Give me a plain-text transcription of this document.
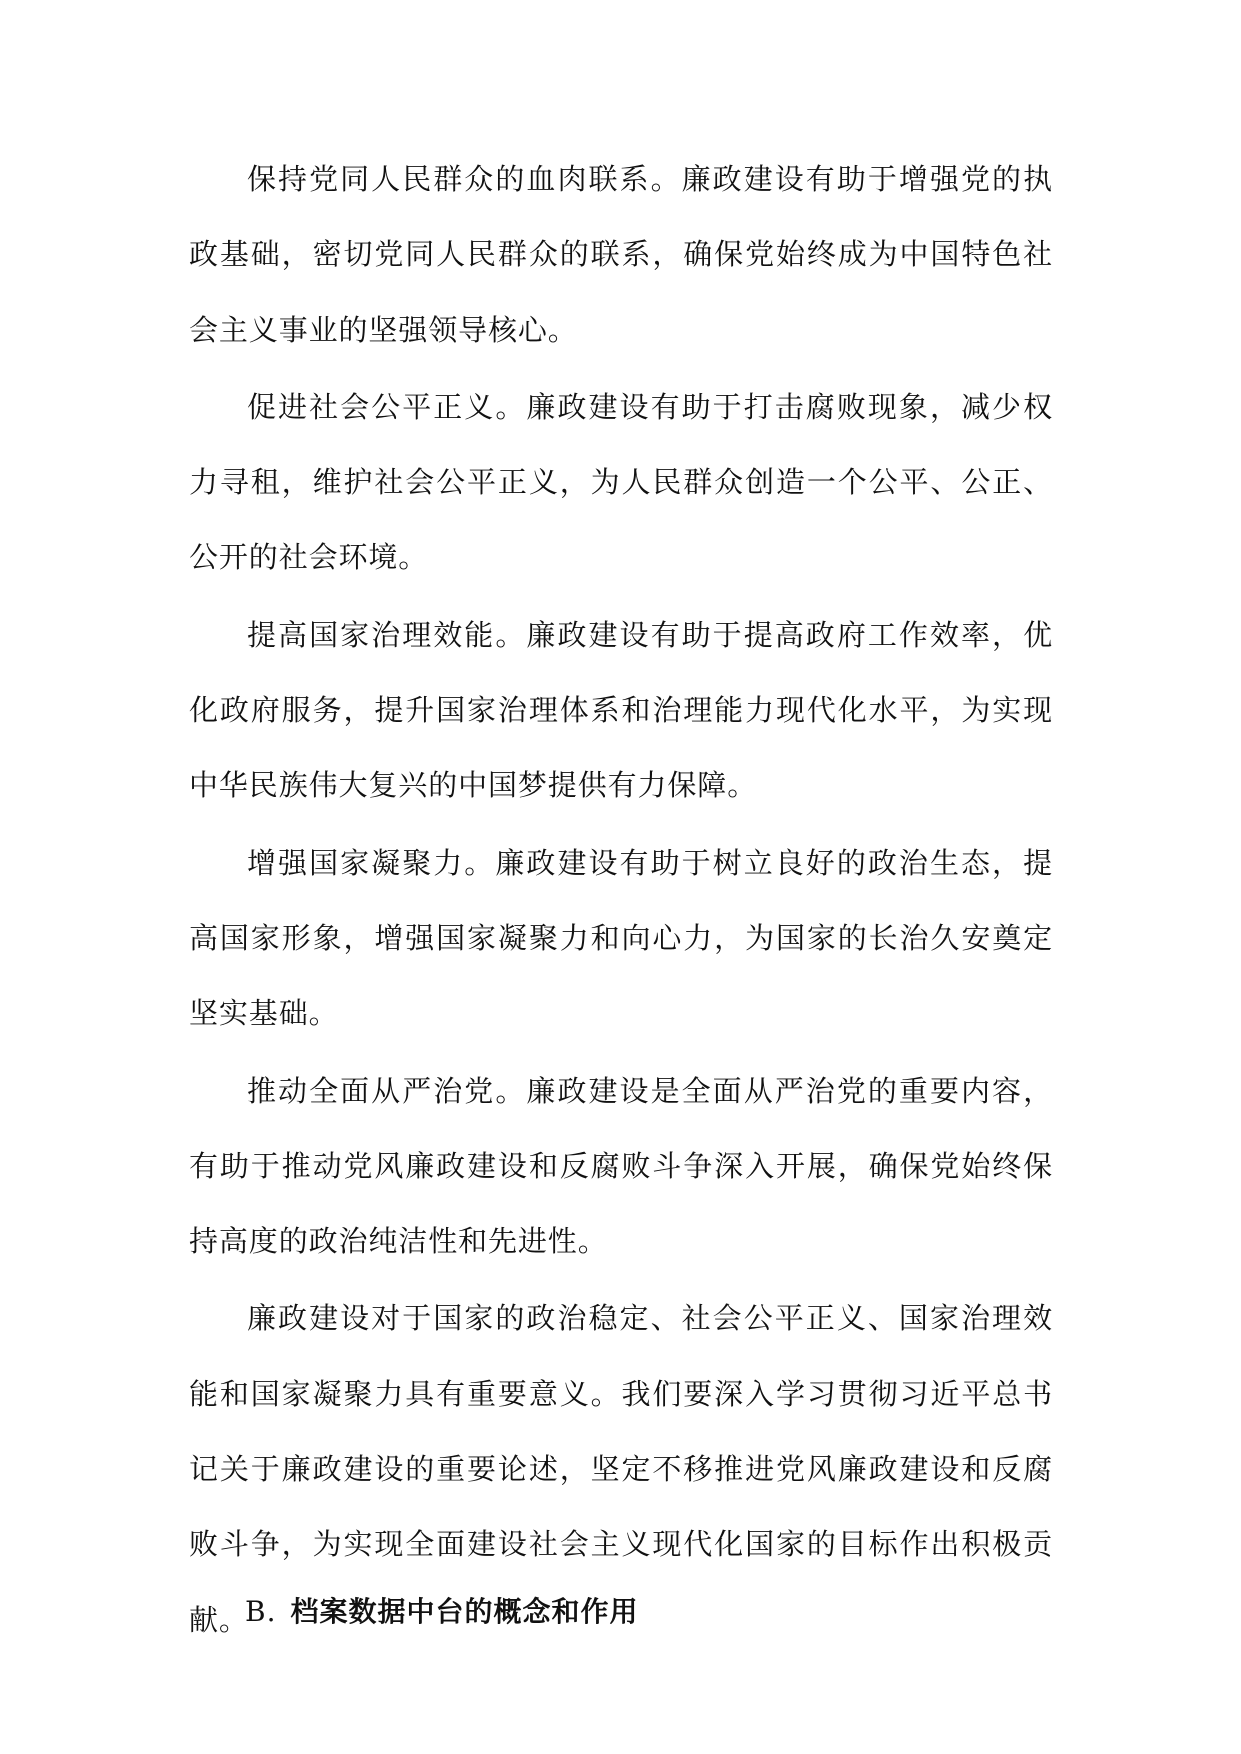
保持党同人民群众的血肉联系。廉政建设有助于增强党的执政基础，密切党同人民群众的联系，确保党始终成为中国特色社会主义事业的坚强领导核心。

促进社会公平正义。廉政建设有助于打击腐败现象，减少权力寻租，维护社会公平正义，为人民群众创造一个公平、公正、公开的社会环境。

提高国家治理效能。廉政建设有助于提高政府工作效率，优化政府服务，提升国家治理体系和治理能力现代化水平，为实现中华民族伟大复兴的中国梦提供有力保障。

增强国家凝聚力。廉政建设有助于树立良好的政治生态，提高国家形象，增强国家凝聚力和向心力，为国家的长治久安奠定坚实基础。

推动全面从严治党。廉政建设是全面从严治党的重要内容，有助于推动党风廉政建设和反腐败斗争深入开展，确保党始终保持高度的政治纯洁性和先进性。

廉政建设对于国家的政治稳定、社会公平正义、国家治理效能和国家凝聚力具有重要意义。我们要深入学习贯彻习近平总书记关于廉政建设的重要论述，坚定不移推进党风廉政建设和反腐败斗争，为实现全面建设社会主义现代化国家的目标作出积极贡献。

B. 档案数据中台的概念和作用
